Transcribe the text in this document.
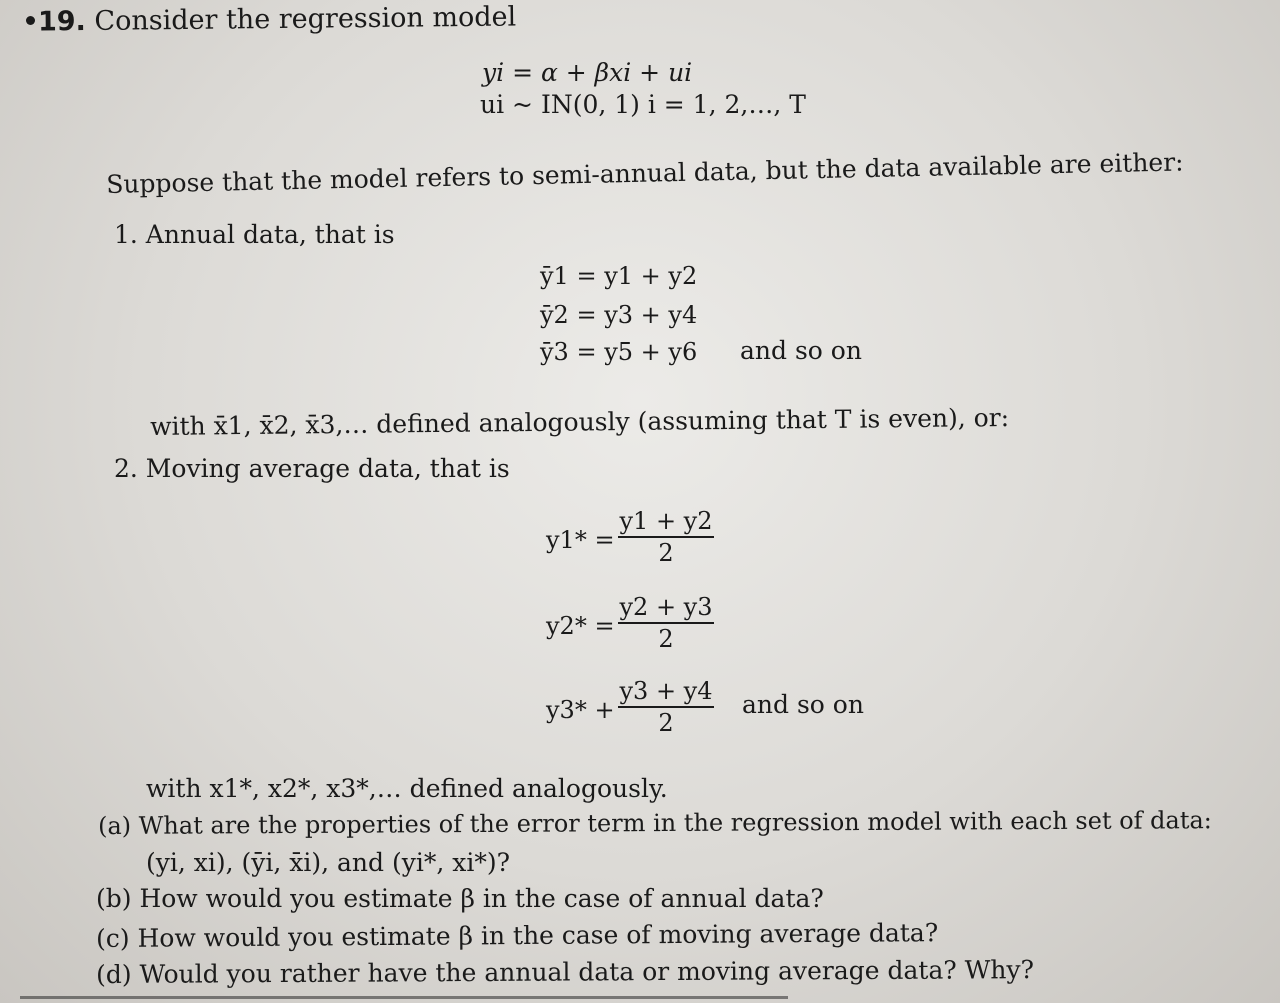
19. Consider the regression model
yi = α + βxi + ui
ui ~ IN(0, 1) i = 1, 2,…, T
Suppose that the model refers to semi-annual data, but the data available are either:
1. Annual data, that is
ȳ1 = y1 + y2
ȳ2 = y3 + y4
ȳ3 = y5 + y6 and so on
with x̄1, x̄2, x̄3,… defined analogously (assuming that T is even), or:
2. Moving average data, that is
$y1* = \frac{y1 + y2}{2}$
$y2* = \frac{y2 + y3}{2}$
$y3* + \frac{y3 + y4}{2}$ and so on
with x1*, x2*, x3*,… defined analogously.
(a) What are the properties of the error term in the regression model with each set of data:
(yi, xi), (ȳi, x̄i), and (yi*, xi*)?
(b) How would you estimate β in the case of annual data?
(c) How would you estimate β in the case of moving average data?
(d) Would you rather have the annual data or moving average data? Why?
